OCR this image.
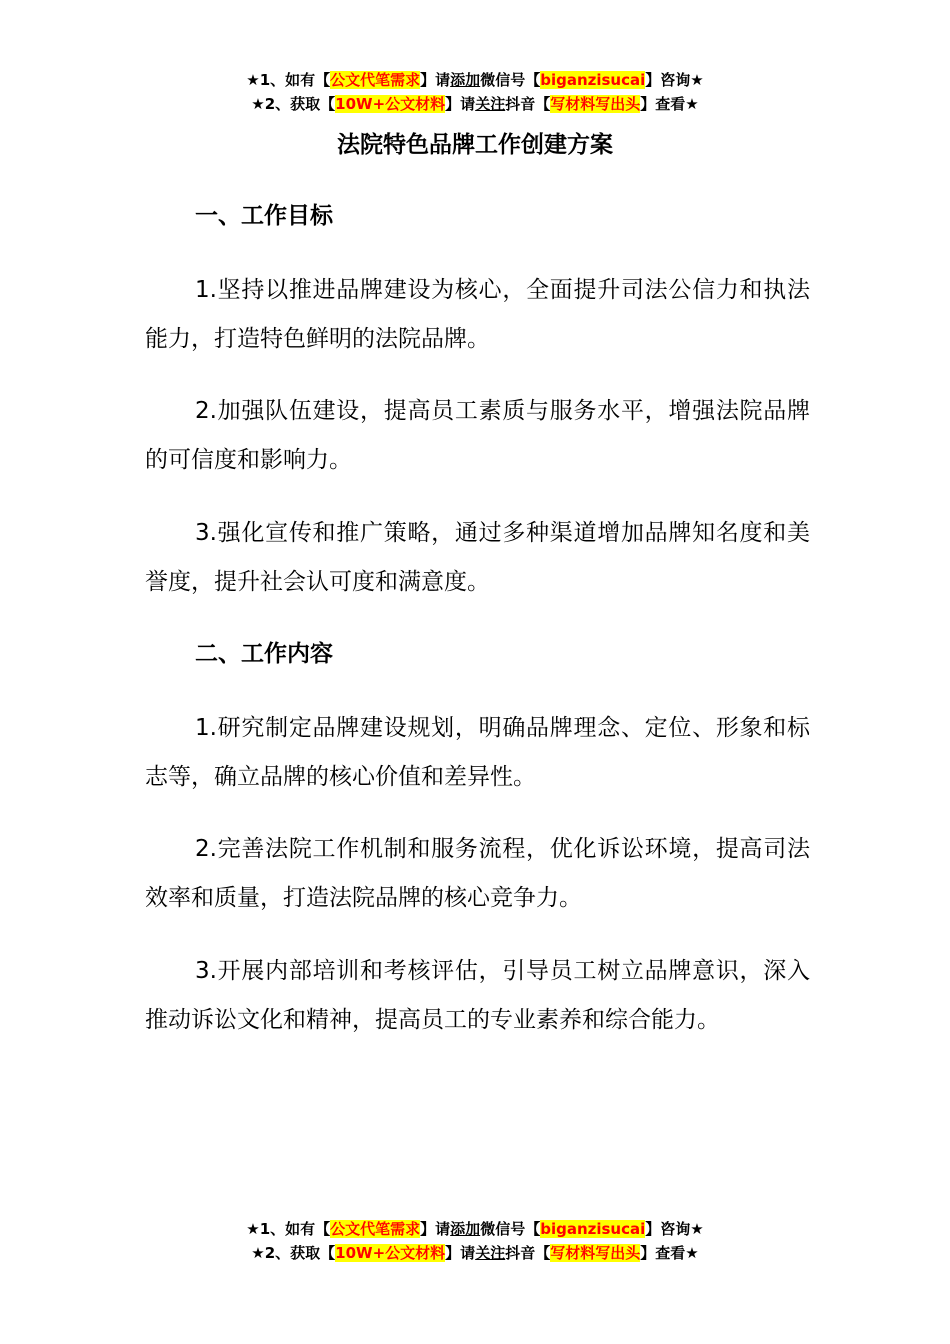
★1、如有【公文代笔需求】请添加微信号【biganzisucai】咨询★
★2、获取【10W+公文材料】请关注抖音【写材料写出头】查看★
法院特色品牌工作创建方案
一、工作目标
1.坚持以推进品牌建设为核心，全面提升司法公信力和执法能力，打造特色鲜明的法院品牌。
2.加强队伍建设，提高员工素质与服务水平，增强法院品牌的可信度和影响力。
3.强化宣传和推广策略，通过多种渠道增加品牌知名度和美誉度，提升社会认可度和满意度。
二、工作内容
1.研究制定品牌建设规划，明确品牌理念、定位、形象和标志等，确立品牌的核心价值和差异性。
2.完善法院工作机制和服务流程，优化诉讼环境，提高司法效率和质量，打造法院品牌的核心竞争力。
3.开展内部培训和考核评估，引导员工树立品牌意识，深入推动诉讼文化和精神，提高员工的专业素养和综合能力。
★1、如有【公文代笔需求】请添加微信号【biganzisucai】咨询★
★2、获取【10W+公文材料】请关注抖音【写材料写出头】查看★
